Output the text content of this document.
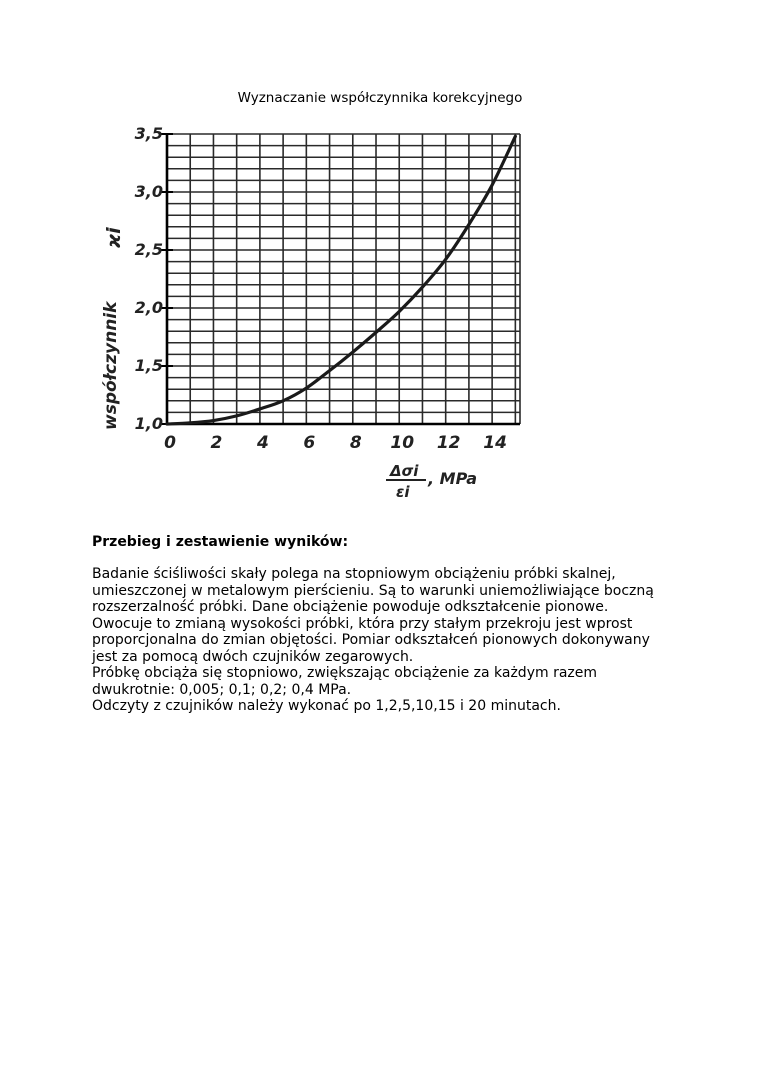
Wyznaczanie współczynnika korekcyjnego
0 2 4 6 8 10 12 14
1,0
1,5
2,0
2,5
3,0
3,5
współczynnik
ϰi
Δσi
εi
, MPa
Przebieg i zestawienie wyników:
Badanie ściśliwości skały polega na stopniowym obciążeniu próbki skalnej,
umieszczonej w metalowym pierścieniu. Są to warunki uniemożliwiające boczną
rozszerzalność próbki. Dane obciążenie powoduje odkształcenie pionowe.
Owocuje to zmianą wysokości próbki, która przy stałym przekroju jest wprost
proporcjonalna do zmian objętości. Pomiar odkształceń pionowych dokonywany
jest za pomocą dwóch czujników zegarowych.
Próbkę obciąża się stopniowo, zwiększając obciążenie za każdym razem
dwukrotnie: 0,005; 0,1; 0,2; 0,4 MPa.
Odczyty z czujników należy wykonać po 1,2,5,10,15 i 20 minutach.
